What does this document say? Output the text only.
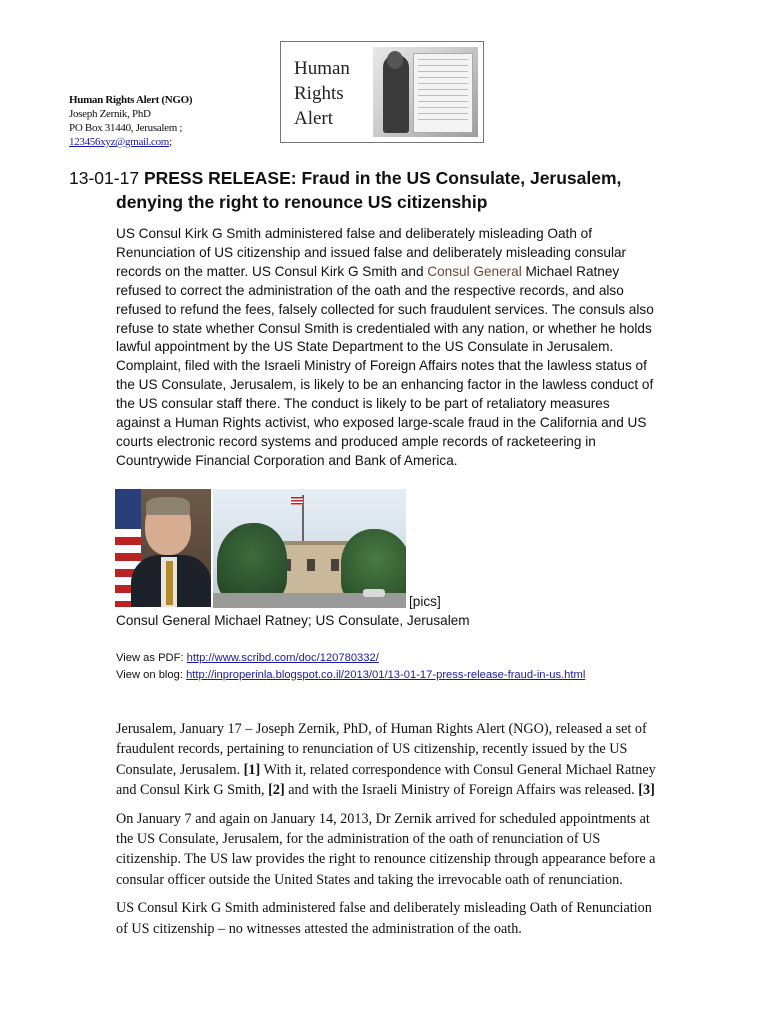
Human Rights Alert (NGO)
Joseph Zernik, PhD
PO Box 31440, Jerusalem ;
123456xyz@gmail.com;
Human
Rights
Alert
13-01-17 PRESS RELEASE: Fraud in the US Consulate, Jerusalem,
denying the right to renounce US citizenship
US Consul Kirk G Smith administered false and deliberately misleading Oath of Renunciation of US citizenship and issued false and deliberately misleading consular records on the matter. US Consul Kirk G Smith and Consul General Michael Ratney refused to correct the administration of the oath and the respective records, and also refused to refund the fees, falsely collected for such fraudulent services. The consuls also refuse to state whether Consul Smith is credentialed with any nation, or whether he holds lawful appointment by the US State Department to the US Consulate in Jerusalem. Complaint, filed with the Israeli Ministry of Foreign Affairs notes that the lawless status of the US Consulate, Jerusalem, is likely to be an enhancing factor in the lawless conduct of the US consular staff there. The conduct is likely to be part of retaliatory measures against a Human Rights activist, who exposed large-scale fraud in the California and US courts electronic record systems and produced ample records of racketeering in Countrywide Financial Corporation and Bank of America.
[pics]
Consul General Michael Ratney; US Consulate, Jerusalem
View as PDF: http://www.scribd.com/doc/120780332/
View on blog: http://inproperinla.blogspot.co.il/2013/01/13-01-17-press-release-fraud-in-us.html

Jerusalem, January 17 – Joseph Zernik, PhD, of Human Rights Alert (NGO), released a set of fraudulent records, pertaining to renunciation of US citizenship, recently issued by the US Consulate, Jerusalem. [1] With it, related correspondence with Consul General Michael Ratney and Consul Kirk G Smith, [2] and with the Israeli Ministry of Foreign Affairs was released. [3]

On January 7 and again on January 14, 2013, Dr Zernik arrived for scheduled appointments at the US Consulate, Jerusalem, for the administration of the oath of renunciation of US citizenship. The US law provides the right to renounce citizenship through appearance before a consular officer outside the United States and taking the irrevocable oath of renunciation.

US Consul Kirk G Smith administered false and deliberately misleading Oath of Renunciation of US citizenship – no witnesses attested the administration of the oath.
